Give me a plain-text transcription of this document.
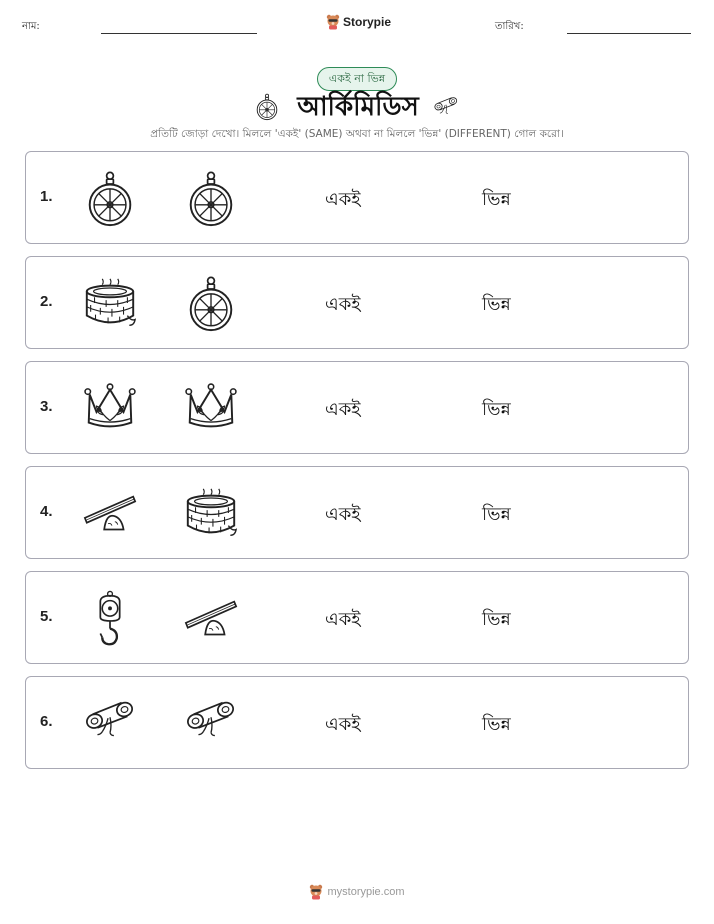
নাম:	Storypie	তারিখ:
একই না ভিন্ন
আর্কিমিডিস
প্রতিটি জোড়া দেখো। মিললে 'একই' (SAME) অথবা না মিললে 'ভিন্ন' (DIFFERENT) গোল করো।
1.	একই	ভিন্ন
2.	একই	ভিন্ন
3.	একই	ভিন্ন
4.	একই	ভিন্ন
5.	একই	ভিন্ন
6.	একই	ভিন্ন
mystorypie.com
